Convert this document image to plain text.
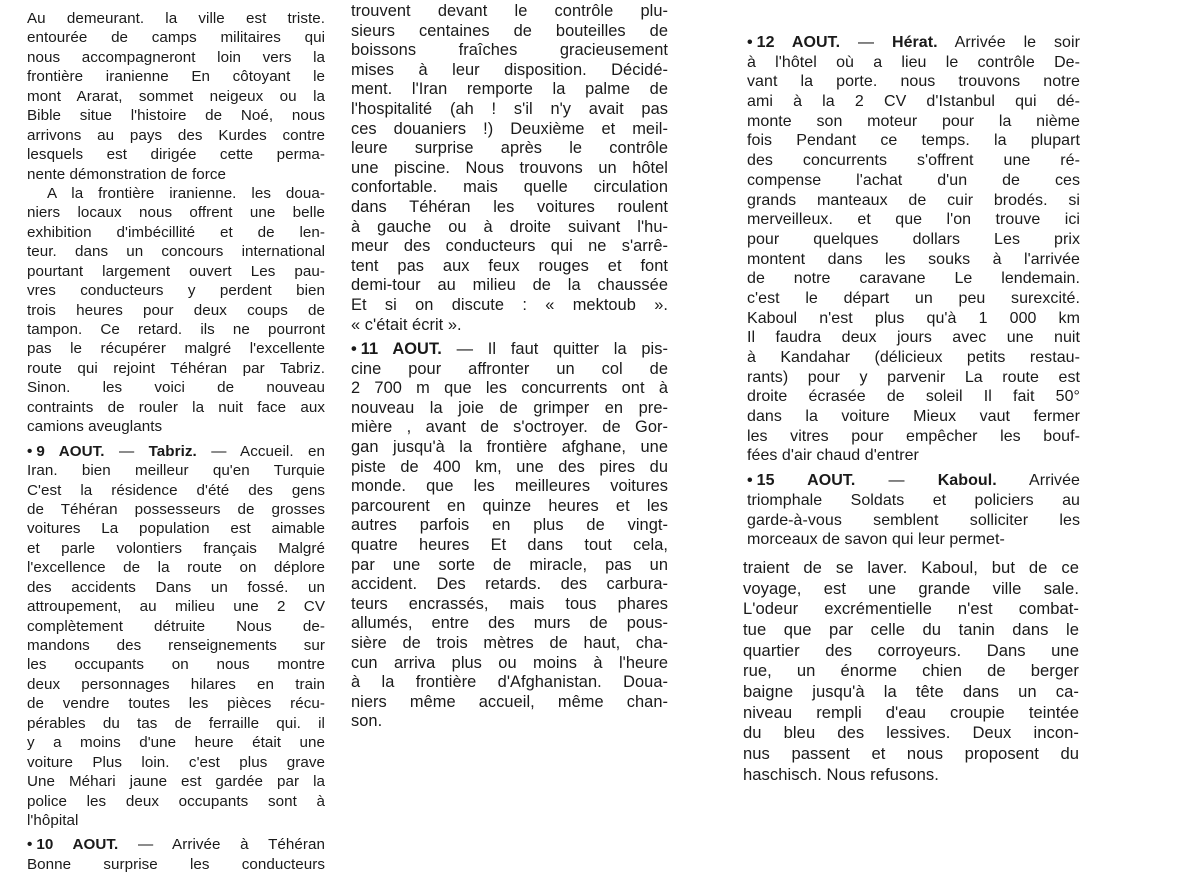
Au demeurant. la ville est triste.
entourée de camps militaires qui
nous accompagneront loin vers la
frontière iranienne En côtoyant le
mont Ararat, sommet neigeux ou la
Bible situe l'histoire de Noé, nous
arrivons au pays des Kurdes contre
lesquels est dirigée cette perma-
nente démonstration de force
A la frontière iranienne. les doua-
niers locaux nous offrent une belle
exhibition d'imbécillité et de len-
teur. dans un concours international
pourtant largement ouvert Les pau-
vres conducteurs y perdent bien
trois heures pour deux coups de
tampon. Ce retard. ils ne pourront
pas le récupérer malgré l'excellente
route qui rejoint Téhéran par Tabriz.
Sinon. les voici de nouveau
contraints de rouler la nuit face aux
camions aveuglants
• 9 AOUT. — Tabriz. — Accueil. en
Iran. bien meilleur qu'en Turquie
C'est la résidence d'été des gens
de Téhéran possesseurs de grosses
voitures La population est aimable
et parle volontiers français Malgré
l'excellence de la route on déplore
des accidents Dans un fossé. un
attroupement, au milieu une 2 CV
complètement détruite Nous de-
mandons des renseignements sur
les occupants on nous montre
deux personnages hilares en train
de vendre toutes les pièces récu-
pérables du tas de ferraille qui. il
y a moins d'une heure était une
voiture Plus loin. c'est plus grave
Une Méhari jaune est gardée par la
police les deux occupants sont à
l'hôpital
• 10 AOUT. — Arrivée à Téhéran
Bonne surprise les conducteurs
trouvent devant le contrôle plu-
sieurs centaines de bouteilles de
boissons fraîches gracieusement
mises à leur disposition. Décidé-
ment. l'Iran remporte la palme de
l'hospitalité (ah ! s'il n'y avait pas
ces douaniers !) Deuxième et meil-
leure surprise après le contrôle
une piscine. Nous trouvons un hôtel
confortable. mais quelle circulation
dans Téhéran les voitures roulent
à gauche ou à droite suivant l'hu-
meur des conducteurs qui ne s'arrê-
tent pas aux feux rouges et font
demi-tour au milieu de la chaussée
Et si on discute : « mektoub ».
« c'était écrit ».
• 11 AOUT. — Il faut quitter la pis-
cine pour affronter un col de
2 700 m que les concurrents ont à
nouveau la joie de grimper en pre-
mière , avant de s'octroyer. de Gor-
gan jusqu'à la frontière afghane, une
piste de 400 km, une des pires du
monde. que les meilleures voitures
parcourent en quinze heures et les
autres parfois en plus de vingt-
quatre heures Et dans tout cela,
par une sorte de miracle, pas un
accident. Des retards. des carbura-
teurs encrassés, mais tous phares
allumés, entre des murs de pous-
sière de trois mètres de haut, cha-
cun arriva plus ou moins à l'heure
à la frontière d'Afghanistan. Doua-
niers même accueil, même chan-
son.
• 12 AOUT. — Hérat. Arrivée le soir
à l'hôtel où a lieu le contrôle De-
vant la porte. nous trouvons notre
ami à la 2 CV d'Istanbul qui dé-
monte son moteur pour la nième
fois Pendant ce temps. la plupart
des concurrents s'offrent une ré-
compense l'achat d'un de ces
grands manteaux de cuir brodés. si
merveilleux. et que l'on trouve ici
pour quelques dollars Les prix
montent dans les souks à l'arrivée
de notre caravane Le lendemain.
c'est le départ un peu surexcité.
Kaboul n'est plus qu'à 1 000 km
Il faudra deux jours avec une nuit
à Kandahar (délicieux petits restau-
rants) pour y parvenir La route est
droite écrasée de soleil Il fait 50°
dans la voiture Mieux vaut fermer
les vitres pour empêcher les bouf-
fées d'air chaud d'entrer
• 15 AOUT. — Kaboul. Arrivée
triomphale Soldats et policiers au
garde-à-vous semblent solliciter les
morceaux de savon qui leur permet-
traient de se laver. Kaboul, but de ce
voyage, est une grande ville sale.
L'odeur excrémentielle n'est combat-
tue que par celle du tanin dans le
quartier des corroyeurs. Dans une
rue, un énorme chien de berger
baigne jusqu'à la tête dans un ca-
niveau rempli d'eau croupie teintée
du bleu des lessives. Deux incon-
nus passent et nous proposent du
haschisch. Nous refusons.
